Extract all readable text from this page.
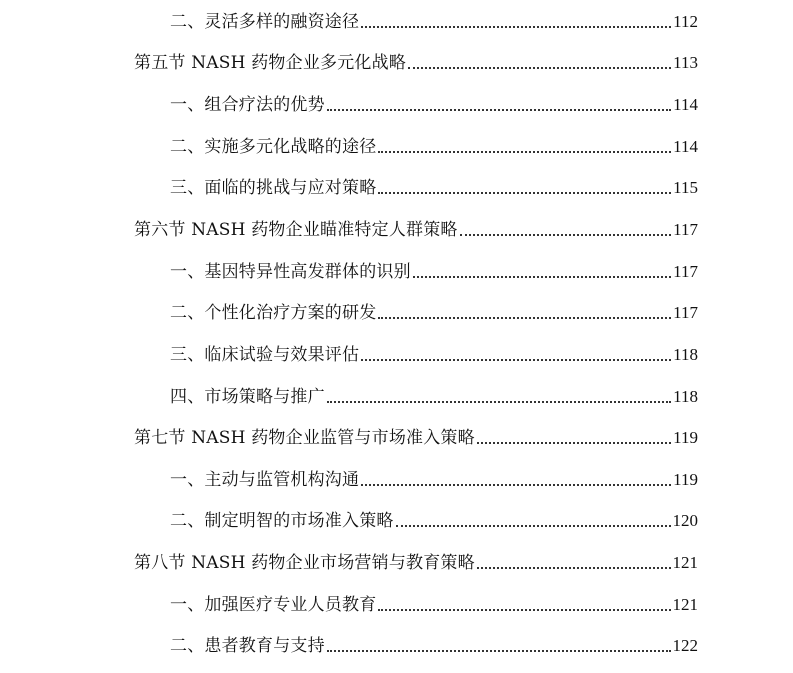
二、灵活多样的融资途径	112
第五节 NASH 药物企业多元化战略	113
一、组合疗法的优势	114
二、实施多元化战略的途径	114
三、面临的挑战与应对策略	115
第六节 NASH 药物企业瞄准特定人群策略	117
一、基因特异性高发群体的识别	117
二、个性化治疗方案的研发	117
三、临床试验与效果评估	118
四、市场策略与推广	118
第七节 NASH 药物企业监管与市场准入策略	119
一、主动与监管机构沟通	119
二、制定明智的市场准入策略	120
第八节 NASH 药物企业市场营销与教育策略	121
一、加强医疗专业人员教育	121
二、患者教育与支持	122
